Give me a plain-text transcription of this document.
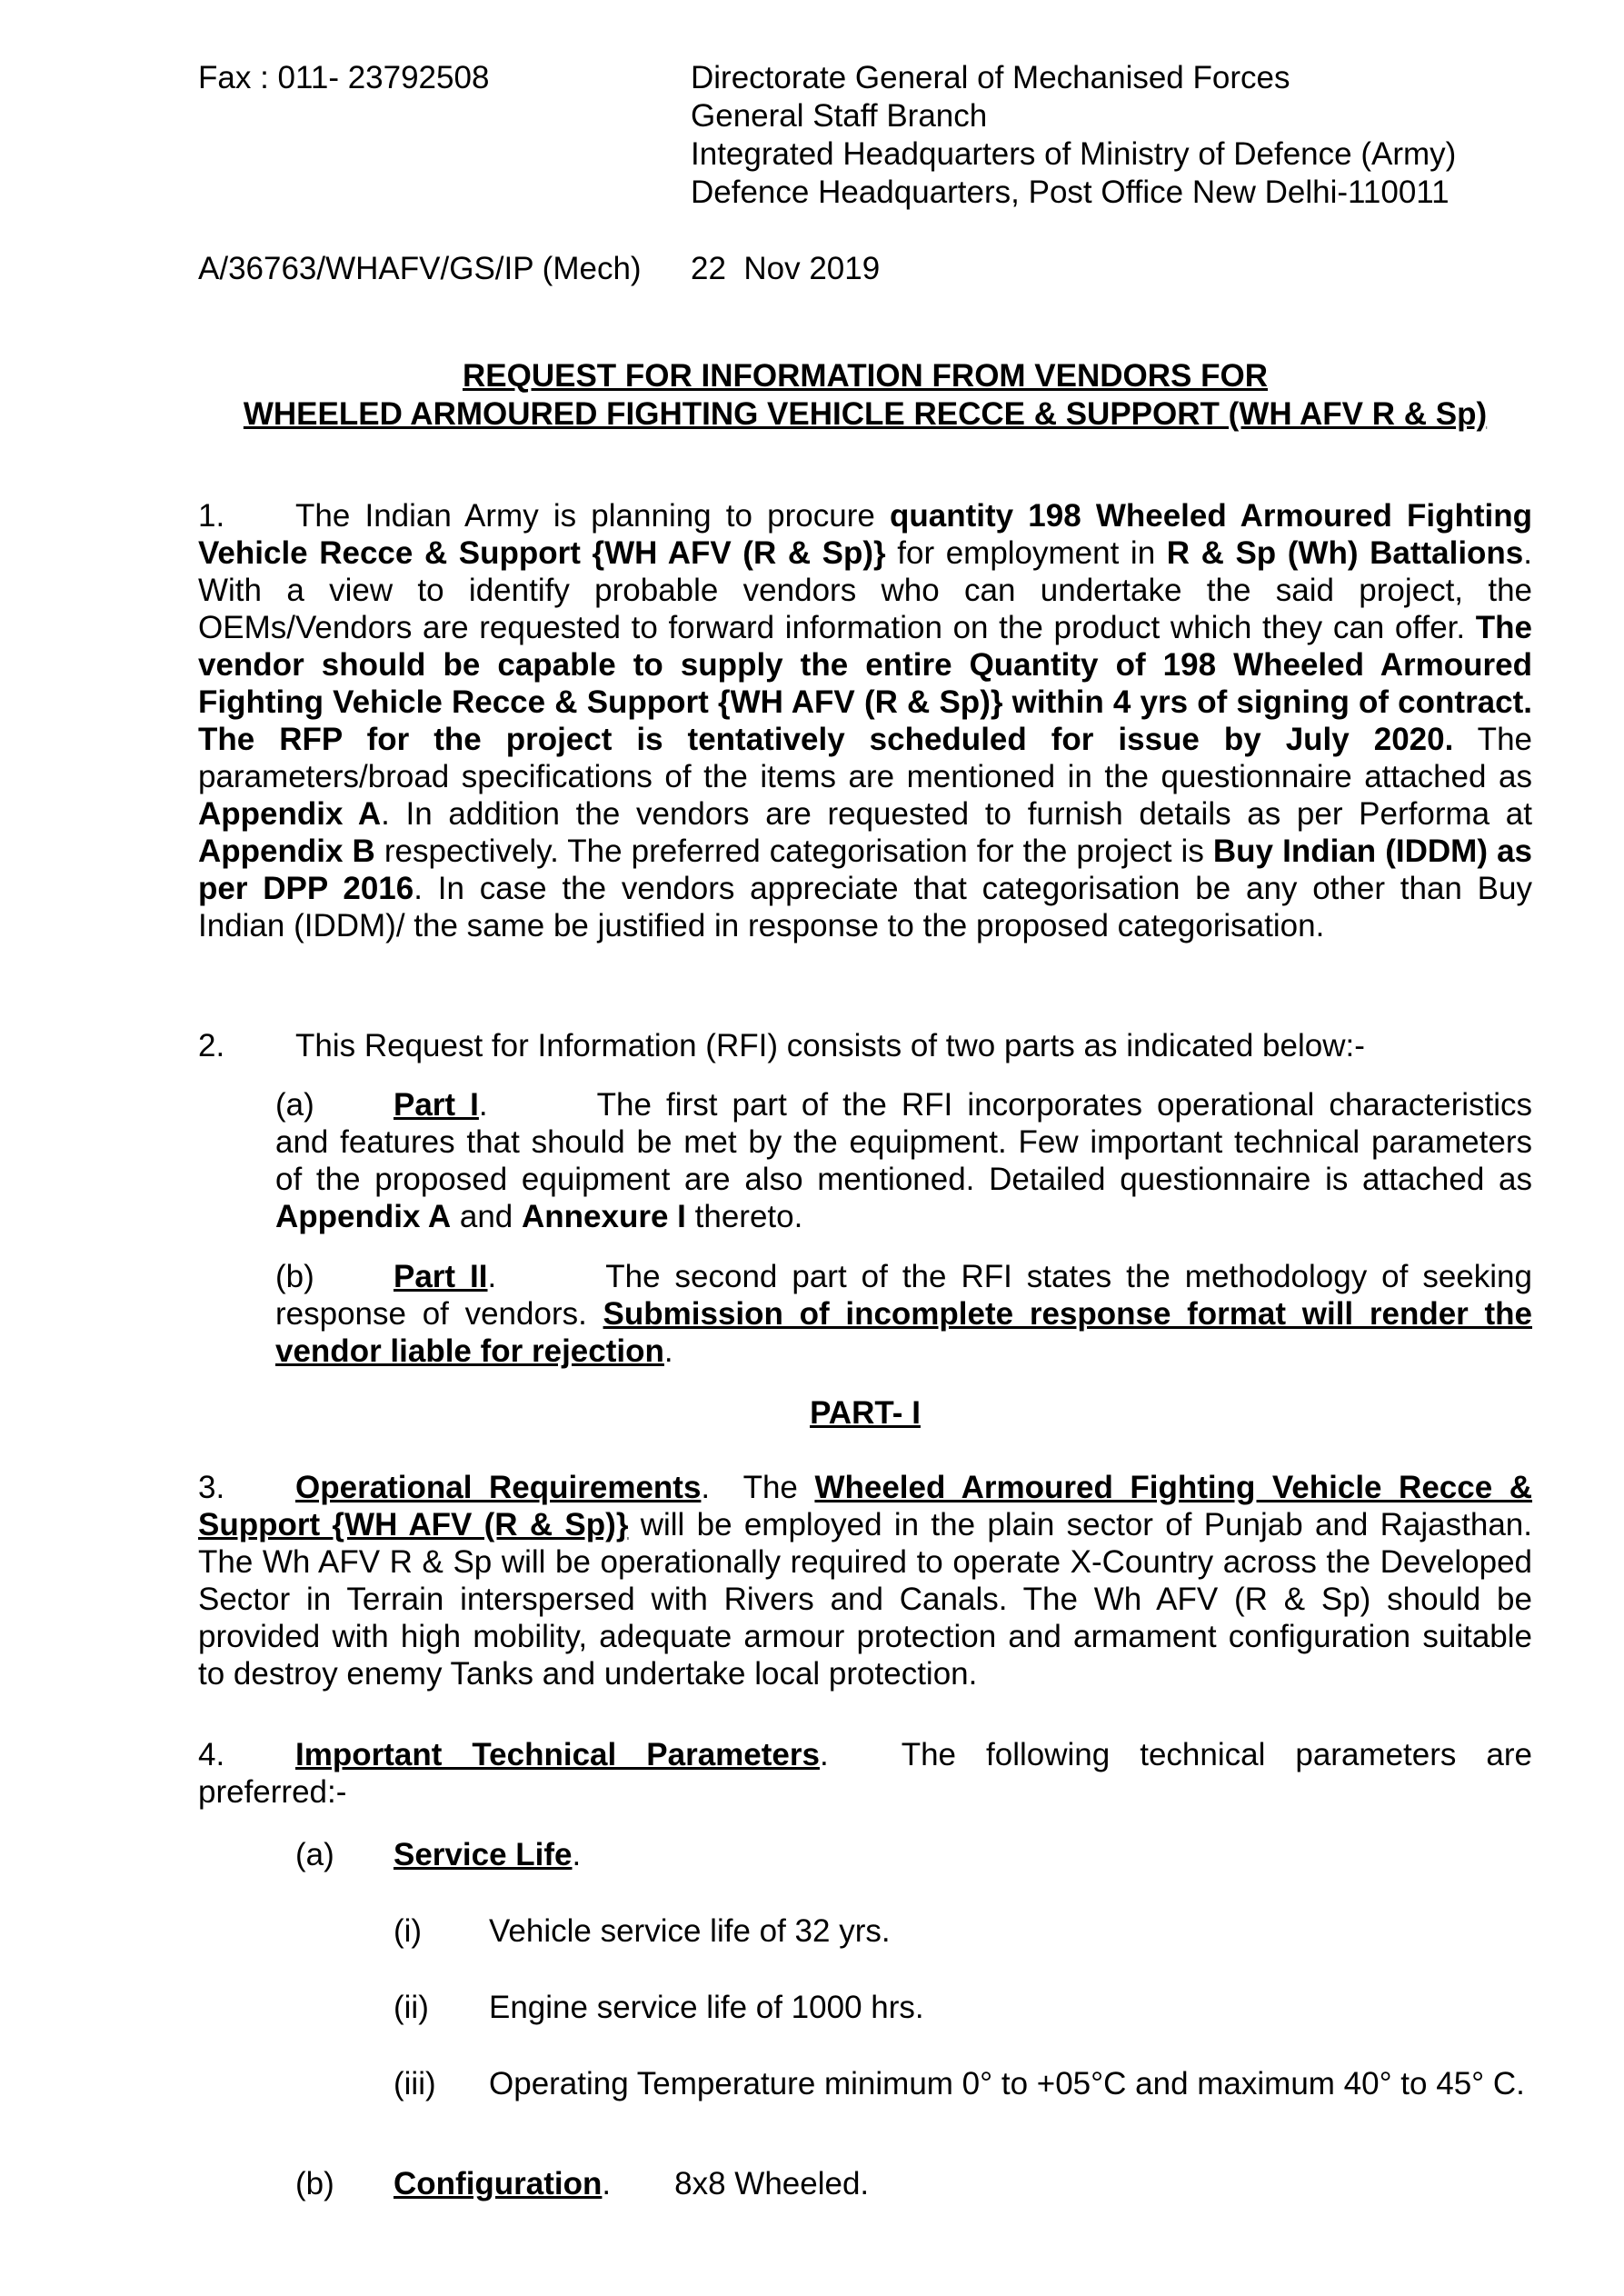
Fax : 011- 23792508	Directorate General of Mechanised Forces
General Staff Branch
Integrated Headquarters of Ministry of Defence (Army)
Defence Headquarters, Post Office New Delhi-110011
A/36763/WHAFV/GS/IP (Mech) 22  Nov 2019
REQUEST FOR INFORMATION FROM VENDORS FOR
WHEELED ARMOURED FIGHTING VEHICLE RECCE & SUPPORT (WH AFV R & Sp)
1. The Indian Army is planning to procure quantity 198 Wheeled Armoured Fighting Vehicle Recce & Support {WH AFV (R & Sp)} for employment in R & Sp (Wh) Battalions. With a view to identify probable vendors who can undertake the said project, the OEMs/Vendors are requested to forward information on the product which they can offer. The vendor should be capable to supply the entire Quantity of 198 Wheeled Armoured Fighting Vehicle Recce & Support {WH AFV (R & Sp)} within 4 yrs of signing of contract. The RFP for the project is tentatively scheduled for issue by July 2020. The parameters/broad specifications of the items are mentioned in the questionnaire attached as Appendix A. In addition the vendors are requested to furnish details as per Performa at Appendix B respectively. The preferred categorisation for the project is Buy Indian (IDDM) as per DPP 2016. In case the vendors appreciate that categorisation be any other than Buy Indian (IDDM)/ the same be justified in response to the proposed categorisation.
2. This Request for Information (RFI) consists of two parts as indicated below:-
(a) Part I.	The first part of the RFI incorporates operational characteristics and features that should be met by the equipment. Few important technical parameters of the proposed equipment are also mentioned. Detailed questionnaire is attached as Appendix A and Annexure I thereto.
(b) Part II.	The second part of the RFI states the methodology of seeking response of vendors. Submission of incomplete response format will render the vendor liable for rejection.
PART- I
3. Operational Requirements.  The Wheeled Armoured Fighting Vehicle Recce & Support {WH AFV (R & Sp)} will be employed in the plain sector of Punjab and Rajasthan. The Wh AFV R & Sp will be operationally required to operate X-Country across the Developed Sector in Terrain interspersed with Rivers and Canals. The Wh AFV (R & Sp) should be provided with high mobility, adequate armour protection and armament configuration suitable to destroy enemy Tanks and undertake local protection.
4. Important Technical Parameters. The following technical parameters are preferred:-
(a) Service Life.
(i) Vehicle service life of 32 yrs.
(ii) Engine service life of 1000 hrs.
(iii) Operating Temperature minimum 0° to +05°C and maximum 40° to 45° C.
(b) Configuration. 8x8 Wheeled.
